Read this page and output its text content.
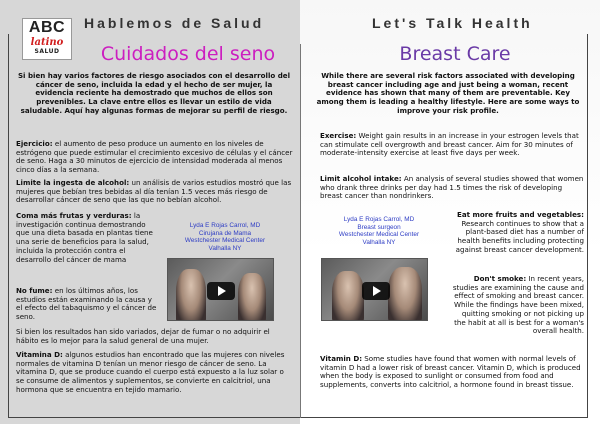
ABC
latino
SALUD
Hablemos de Salud	Let's Talk Health
Cuidados del seno	Breast Care
Si bien hay varios factores de riesgo asociados con el desarrollo del cáncer de seno, incluida la edad y el hecho de ser mujer, la evidencia reciente ha demostrado que muchos de ellos son prevenibles. La clave entre ellos es llevar un estilo de vida saludable. Aquí hay algunas formas de mejorar su perfil de riesgo.
Ejercicio: el aumento de peso produce un aumento en los niveles de estrógeno que puede estimular el crecimiento excesivo de células y el cáncer de seno. Haga a 30 minutos de ejercicio de intensidad moderada al menos cinco días a la semana.
Limite la ingesta de alcohol: un análisis de varios estudios mostró que las mujeres que bebían tres bebidas al día tenían 1.5 veces más riesgo de desarrollar cáncer de seno que las que no bebían alcohol.
Coma más frutas y verduras: la investigación continua demostrando que una dieta basada en plantas tiene una serie de beneficios para la salud, incluida la protección contra el desarrollo del cáncer de mama
No fume: en los últimos años, los estudios están examinando la causa y el efecto del tabaquismo y el cáncer de seno.
Si bien los resultados han sido variados, dejar de fumar o no adquirir el hábito es lo mejor para la salud general de una mujer.
Vitamina D: algunos estudios han encontrado que las mujeres con niveles normales de vitamina D tenían un menor riesgo de cáncer de seno. La vitamina D, que se produce cuando el cuerpo está expuesto a la luz solar o se consume de alimentos y suplementos, se convierte en calcitriol, una hormona que se encuentra en tejido mamario.
Lyda E Rojas Carrol, MD
Cirujana de Mama
Westchester Medical Center
Valhalla NY
While there are several risk factors associated with developing breast cancer including age and just being a woman, recent evidence has shown that many of them are preventable. Key among them is leading a healthy lifestyle. Here are some ways to improve your risk profile.
Exercise: Weight gain results in an increase in your estrogen levels that can stimulate cell overgrowth and breast cancer. Aim for 30 minutes of moderate-intensity exercise at least five days per week.
Limit alcohol intake: An analysis of several studies showed that women who drank three drinks per day had 1.5 times the risk of developing breast cancer than nondrinkers.
Eat more fruits and vegetables:
Research continues to show that a plant-based diet has a number of health benefits including protecting against breast cancer development.
Don't smoke: In recent years, studies are examining the cause and effect of smoking and breast cancer. While the findings have been mixed, quitting smoking or not picking up the habit at all is best for a woman's overall health.
Vitamin D: Some studies have found that women with normal levels of vitamin D had a lower risk of breast cancer. Vitamin D, which is produced when the body is exposed to sunlight or consumed from food and supplements, converts into calcitriol, a hormone found in breast tissue.
Lyda E Rojas Carrol, MD
Breast surgeon
Westchester Medical Center
Valhalla NY
